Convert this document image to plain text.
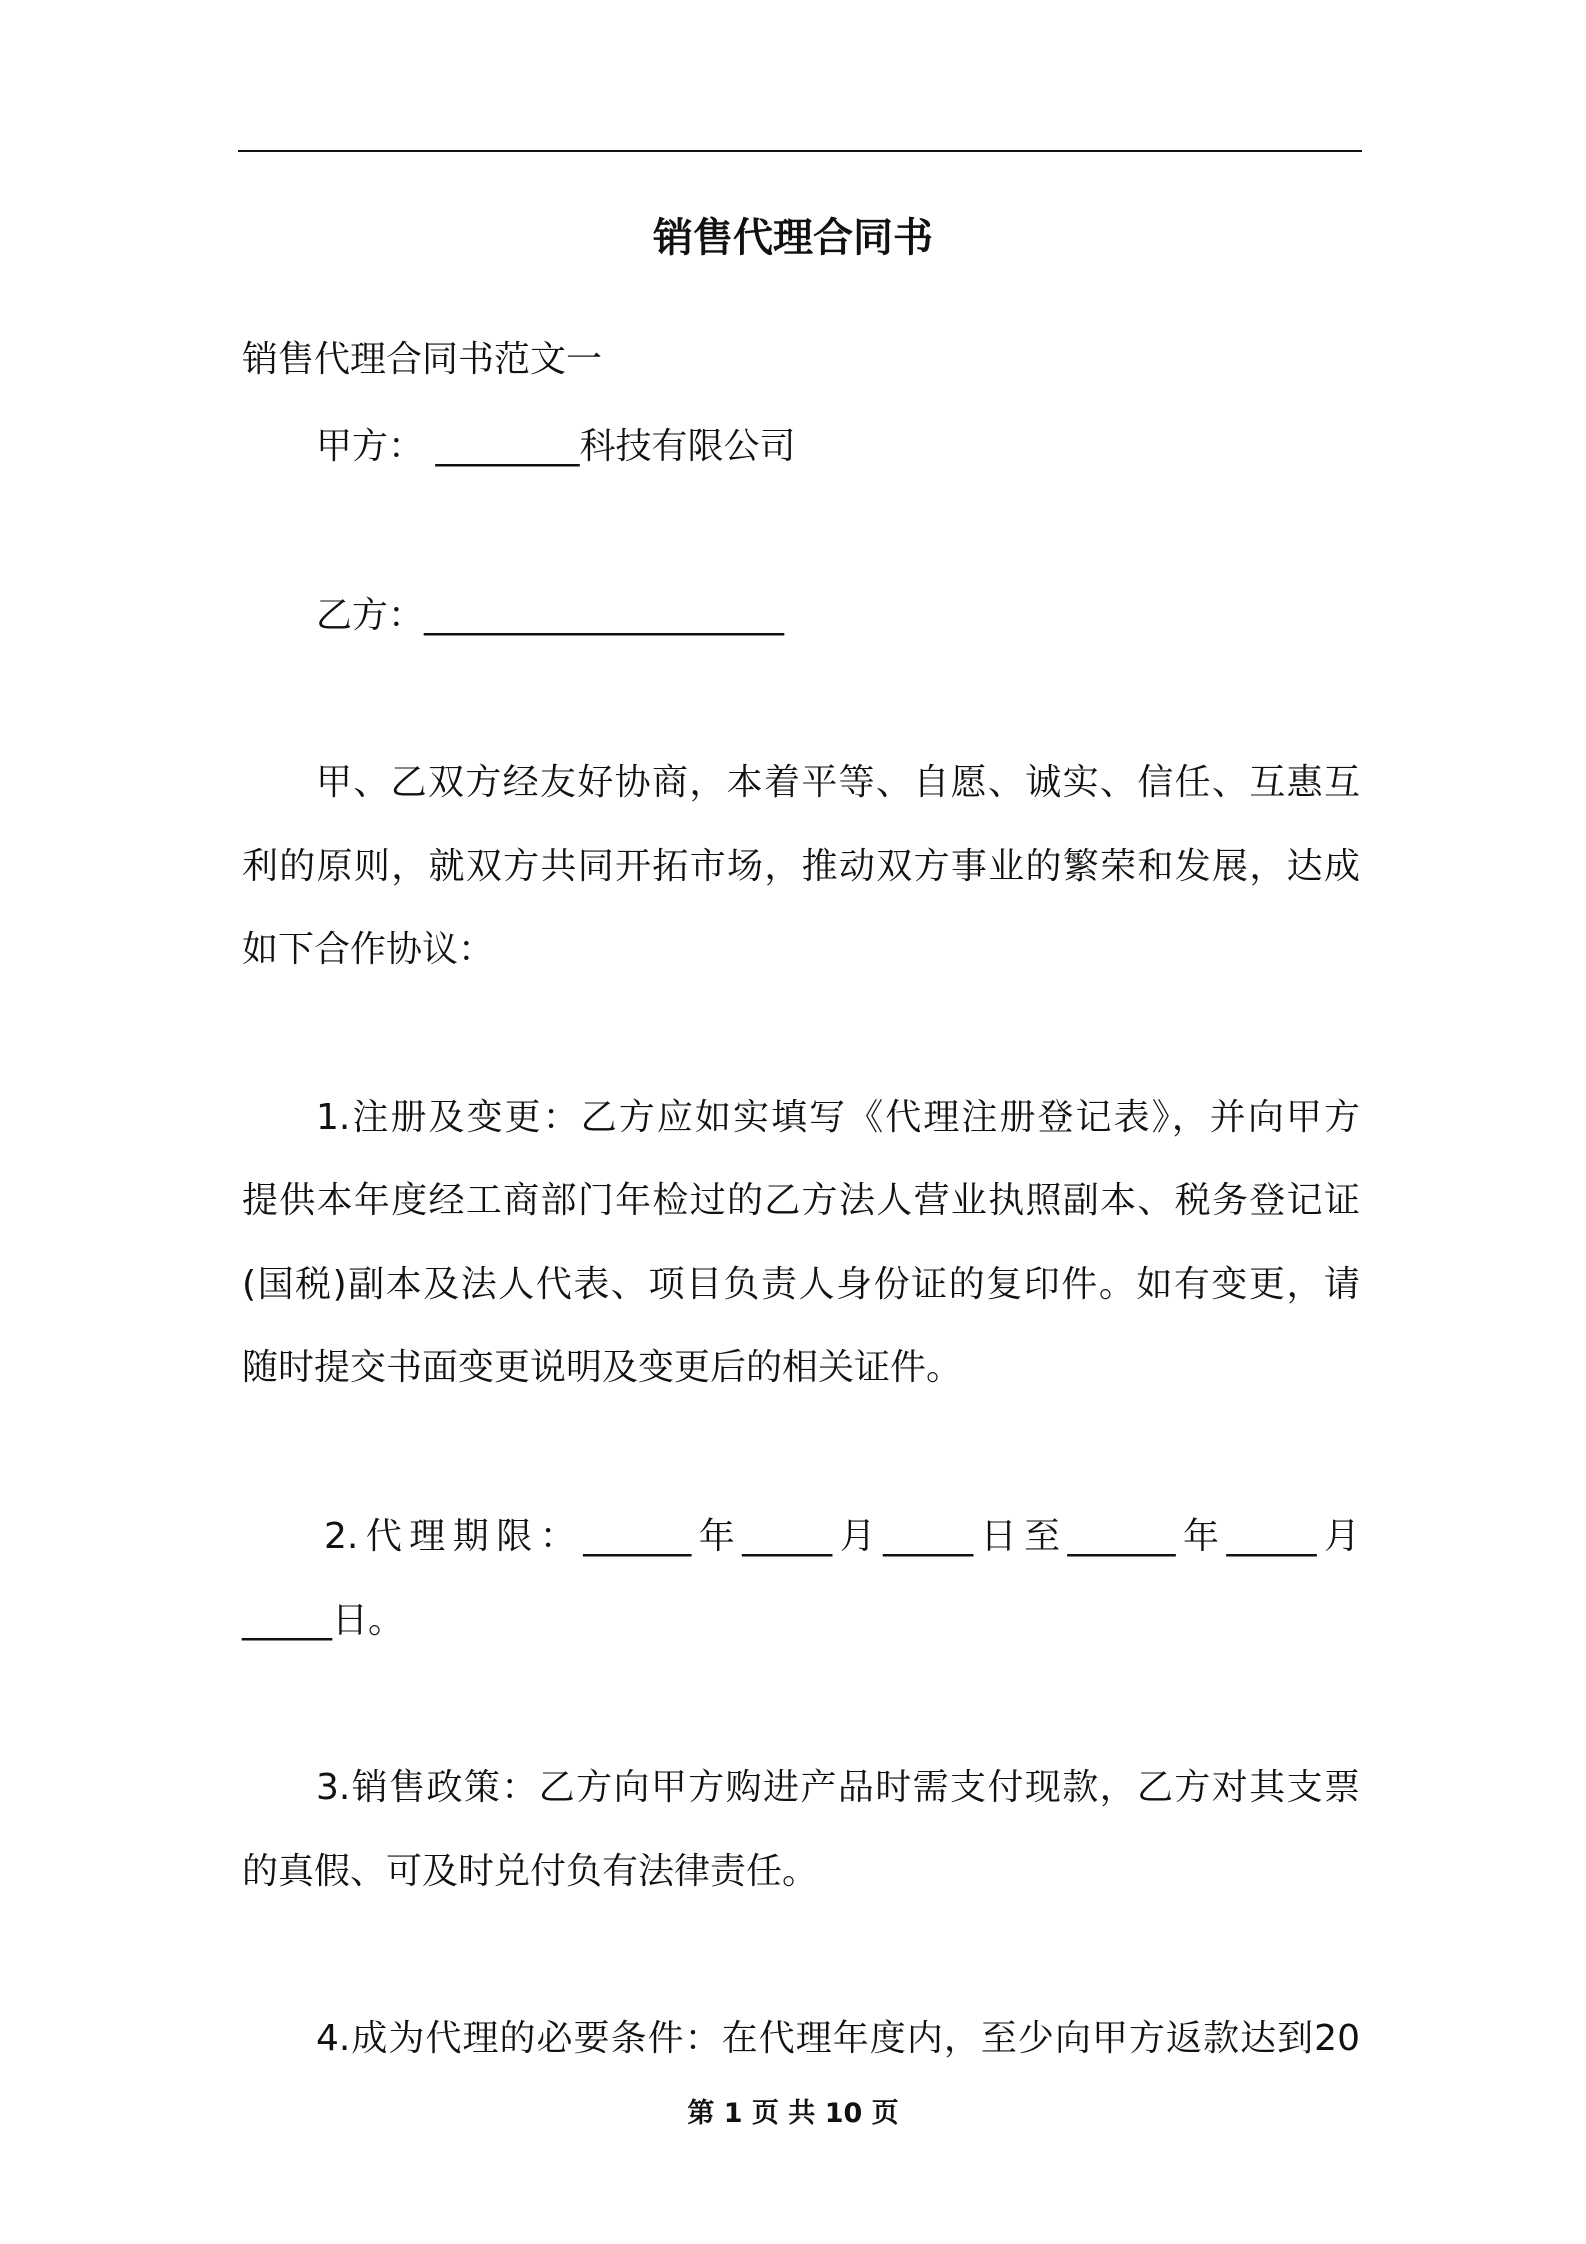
销售代理合同书
销售代理合同书范文一
甲方： ________科技有限公司
乙方：____________________
甲、乙双方经友好协商，本着平等、自愿、诚实、信任、互惠互
利的原则，就双方共同开拓市场，推动双方事业的繁荣和发展，达成
如下合作协议：
1.注册及变更：乙方应如实填写《代理注册登记表》，并向甲方
提供本年度经工商部门年检过的乙方法人营业执照副本、税务登记证
(国税)副本及法人代表、项目负责人身份证的复印件。如有变更，请
随时提交书面变更说明及变更后的相关证件。
2.代理期限：______年_____月_____日至______年_____月
_____日。
3.销售政策：乙方向甲方购进产品时需支付现款，乙方对其支票
的真假、可及时兑付负有法律责任。
4.成为代理的必要条件：在代理年度内，至少向甲方返款达到20
第 1 页 共 10 页
